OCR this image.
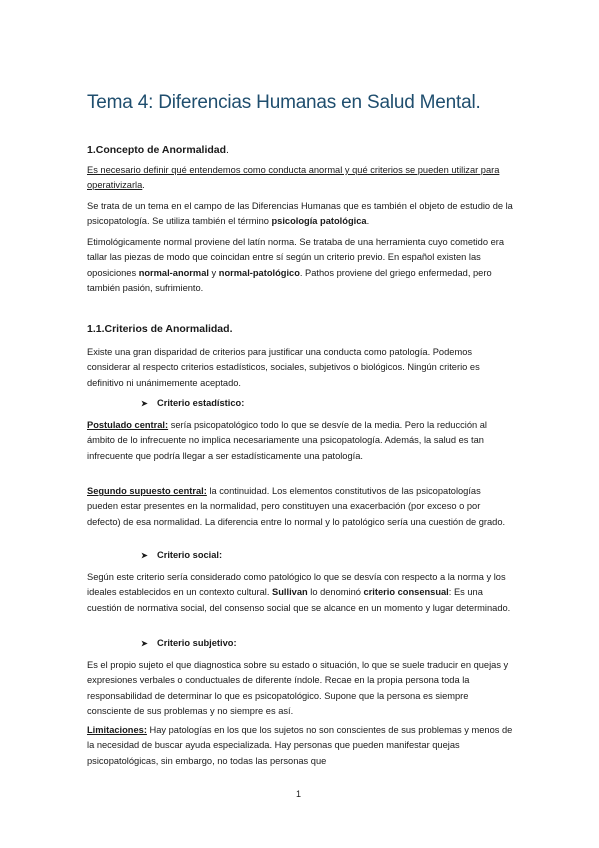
Tema 4: Diferencias Humanas en Salud Mental.
1.Concepto de Anormalidad.
Es necesario definir qué entendemos como conducta anormal y qué criterios se pueden utilizar para operativizarla.
Se trata de un tema en el campo de las Diferencias Humanas que es también el objeto de estudio de la psicopatología. Se utiliza también el término psicología patológica.
Etimológicamente normal proviene del latín norma. Se trataba de una herramienta cuyo cometido era tallar las piezas de modo que coincidan entre sí según un criterio previo. En español existen las oposiciones normal-anormal y normal-patológico. Pathos proviene del griego enfermedad, pero también pasión, sufrimiento.
1.1.Criterios de Anormalidad.
Existe una gran disparidad de criterios para justificar una conducta como patología. Podemos considerar al respecto criterios estadísticos, sociales, subjetivos o biológicos. Ningún criterio es definitivo ni unánimemente aceptado.
➤ Criterio estadístico:
Postulado central: sería psicopatológico todo lo que se desvíe de la media. Pero la reducción al ámbito de lo infrecuente no implica necesariamente una psicopatología. Además, la salud es tan infrecuente que podría llegar a ser estadísticamente una patología.
Segundo supuesto central: la continuidad. Los elementos constitutivos de las psicopatologías pueden estar presentes en la normalidad, pero constituyen una exacerbación (por exceso o por defecto) de esa normalidad. La diferencia entre lo normal y lo patológico sería una cuestión de grado.
➤ Criterio social:
Según este criterio sería considerado como patológico lo que se desvía con respecto a la norma y los ideales establecidos en un contexto cultural. Sullivan lo denominó criterio consensual: Es una cuestión de normativa social, del consenso social que se alcance en un momento y lugar determinado.
➤ Criterio subjetivo:
Es el propio sujeto el que diagnostica sobre su estado o situación, lo que se suele traducir en quejas y expresiones verbales o conductuales de diferente índole. Recae en la propia persona toda la responsabilidad de determinar lo que es psicopatológico. Supone que la persona es siempre consciente de sus problemas y no siempre es así.
Limitaciones: Hay patologías en los que los sujetos no son conscientes de sus problemas y menos de la necesidad de buscar ayuda especializada. Hay personas que pueden manifestar quejas psicopatológicas, sin embargo, no todas las personas que
1
